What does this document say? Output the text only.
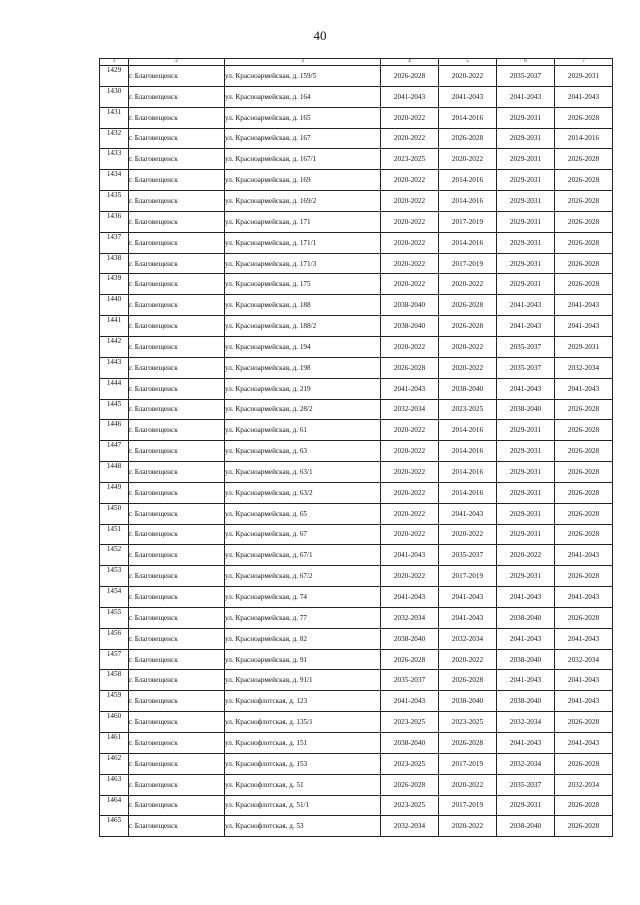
40
1	2	3	4	5	6	7
1429	г. Благовещенск	ул. Красноармейская, д. 159/5	2026-2028	2020-2022	2035-2037	2029-2031
1430	г. Благовещенск	ул. Красноармейская, д. 164	2041-2043	2041-2043	2041-2043	2041-2043
1431	г. Благовещенск	ул. Красноармейская, д. 165	2020-2022	2014-2016	2029-2031	2026-2028
1432	г. Благовещенск	ул. Красноармейская, д. 167	2020-2022	2026-2028	2029-2031	2014-2016
1433	г. Благовещенск	ул. Красноармейская, д. 167/1	2023-2025	2020-2022	2029-2031	2026-2028
1434	г. Благовещенск	ул. Красноармейская, д. 169	2020-2022	2014-2016	2029-2031	2026-2028
1435	г. Благовещенск	ул. Красноармейская, д. 169/2	2020-2022	2014-2016	2029-2031	2026-2028
1436	г. Благовещенск	ул. Красноармейская, д. 171	2020-2022	2017-2019	2029-2031	2026-2028
1437	г. Благовещенск	ул. Красноармейская, д. 171/1	2020-2022	2014-2016	2029-2031	2026-2028
1438	г. Благовещенск	ул. Красноармейская, д. 171/3	2020-2022	2017-2019	2029-2031	2026-2028
1439	г. Благовещенск	ул. Красноармейская, д. 175	2020-2022	2020-2022	2029-2031	2026-2028
1440	г. Благовещенск	ул. Красноармейская, д. 188	2038-2040	2026-2028	2041-2043	2041-2043
1441	г. Благовещенск	ул. Красноармейская, д. 188/2	2038-2040	2026-2028	2041-2043	2041-2043
1442	г. Благовещенск	ул. Красноармейская, д. 194	2020-2022	2020-2022	2035-2037	2029-2031
1443	г. Благовещенск	ул. Красноармейская, д. 198	2026-2028	2020-2022	2035-2037	2032-2034
1444	г. Благовещенск	ул. Красноармейская, д. 219	2041-2043	2038-2040	2041-2043	2041-2043
1445	г. Благовещенск	ул. Красноармейская, д. 28/2	2032-2034	2023-2025	2038-2040	2026-2028
1446	г. Благовещенск	ул. Красноармейская, д. 61	2020-2022	2014-2016	2029-2031	2026-2028
1447	г. Благовещенск	ул. Красноармейская, д. 63	2020-2022	2014-2016	2029-2031	2026-2028
1448	г. Благовещенск	ул. Красноармейская, д. 63/1	2020-2022	2014-2016	2029-2031	2026-2028
1449	г. Благовещенск	ул. Красноармейская, д. 63/2	2020-2022	2014-2016	2029-2031	2026-2028
1450	г. Благовещенск	ул. Красноармейская, д. 65	2020-2022	2041-2043	2029-2031	2026-2028
1451	г. Благовещенск	ул. Красноармейская, д. 67	2020-2022	2020-2022	2029-2031	2026-2028
1452	г. Благовещенск	ул. Красноармейская, д. 67/1	2041-2043	2035-2037	2020-2022	2041-2043
1453	г. Благовещенск	ул. Красноармейская, д. 67/2	2020-2022	2017-2019	2029-2031	2026-2028
1454	г. Благовещенск	ул. Красноармейская, д. 74	2041-2043	2041-2043	2041-2043	2041-2043
1455	г. Благовещенск	ул. Красноармейская, д. 77	2032-2034	2041-2043	2038-2040	2026-2028
1456	г. Благовещенск	ул. Красноармейская, д. 82	2038-2040	2032-2034	2041-2043	2041-2043
1457	г. Благовещенск	ул. Красноармейская, д. 91	2026-2028	2020-2022	2038-2040	2032-2034
1458	г. Благовещенск	ул. Красноармейская, д. 91/1	2035-2037	2026-2028	2041-2043	2041-2043
1459	г. Благовещенск	ул. Краснофлотская, д. 123	2041-2043	2038-2040	2038-2040	2041-2043
1460	г. Благовещенск	ул. Краснофлотская, д. 135/1	2023-2025	2023-2025	2032-2034	2026-2028
1461	г. Благовещенск	ул. Краснофлотская, д. 151	2038-2040	2026-2028	2041-2043	2041-2043
1462	г. Благовещенск	ул. Краснофлотская, д. 153	2023-2025	2017-2019	2032-2034	2026-2028
1463	г. Благовещенск	ул. Краснофлотская, д. 51	2026-2028	2020-2022	2035-2037	2032-2034
1464	г. Благовещенск	ул. Краснофлотская, д. 51/1	2023-2025	2017-2019	2029-2031	2026-2028
1465	г. Благовещенск	ул. Краснофлотская, д. 53	2032-2034	2020-2022	2038-2040	2026-2028
